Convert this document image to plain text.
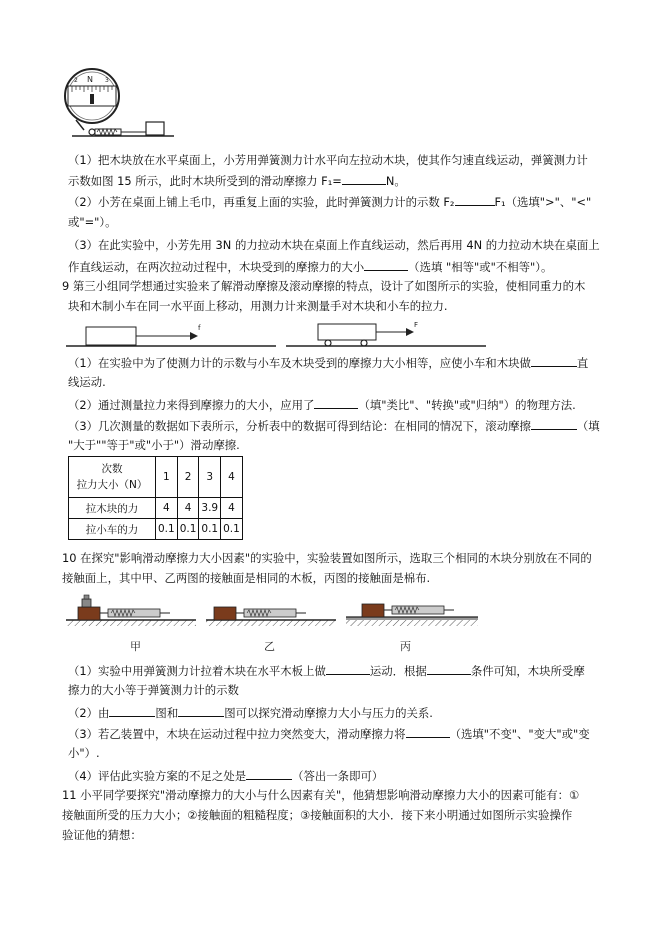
N
2	3
（1）把木块放在水平桌面上，小芳用弹簧测力计水平向左拉动木块，使其作匀速直线运动，弹簧测力计
示数如图 15 所示，此时木块所受到的滑动摩擦力 F₁=	N。
（2）小芳在桌面上铺上毛巾，再重复上面的实验，此时弹簧测力计的示数 F₂	F₁（选填">"、"<"
或"="）。
（3）在此实验中，小芳先用 3N 的力拉动木块在桌面上作直线运动，然后再用 4N 的力拉动木块在桌面上
作直线运动，在两次拉动过程中，木块受到的摩擦力的大小	（选填 "相等"或"不相等"）。
9 第三小组同学想通过实验来了解滑动摩擦及滚动摩擦的特点，设计了如图所示的实验，使相同重力的木
块和木制小车在同一水平面上移动，用测力计来测量手对木块和小车的拉力.
f	F
（1）在实验中为了使测力计的示数与小车及木块受到的摩擦力大小相等，应使小车和木块做	直
线运动.
（2）通过测量拉力来得到摩擦力的大小，应用了	（填"类比"、"转换"或"归纳"）的物理方法.
（3）几次测量的数据如下表所示，分析表中的数据可得到结论：在相同的情况下，滚动摩擦	（填
"大于""等于"或"小于"）滑动摩擦.
次数
拉力大小（N）	1	2	3	4
拉木块的力	4	4	3.9	4
拉小车的力	0.1	0.1	0.1	0.1
10 在探究"影响滑动摩擦力大小因素"的实验中，实验装置如图所示，选取三个相同的木块分别放在不同的
接触面上，其中甲、乙两图的接触面是相同的木板，丙图的接触面是棉布.
甲	乙	丙
（1）实验中用弹簧测力计拉着木块在水平木板上做	运动．根据	条件可知，木块所受摩
擦力的大小等于弹簧测力计的示数
（2）由	图和	图可以探究滑动摩擦力大小与压力的关系.
（3）若乙装置中，木块在运动过程中拉力突然变大，滑动摩擦力将	（选填"不变"、"变大"或"变
小"）.
（4）评估此实验方案的不足之处是	（答出一条即可）
11 小平同学要探究"滑动摩擦力的大小与什么因素有关"，他猜想影响滑动摩擦力大小的因素可能有：①
接触面所受的压力大小；②接触面的粗糙程度；③接触面积的大小．接下来小明通过如图所示实验操作
验证他的猜想：
